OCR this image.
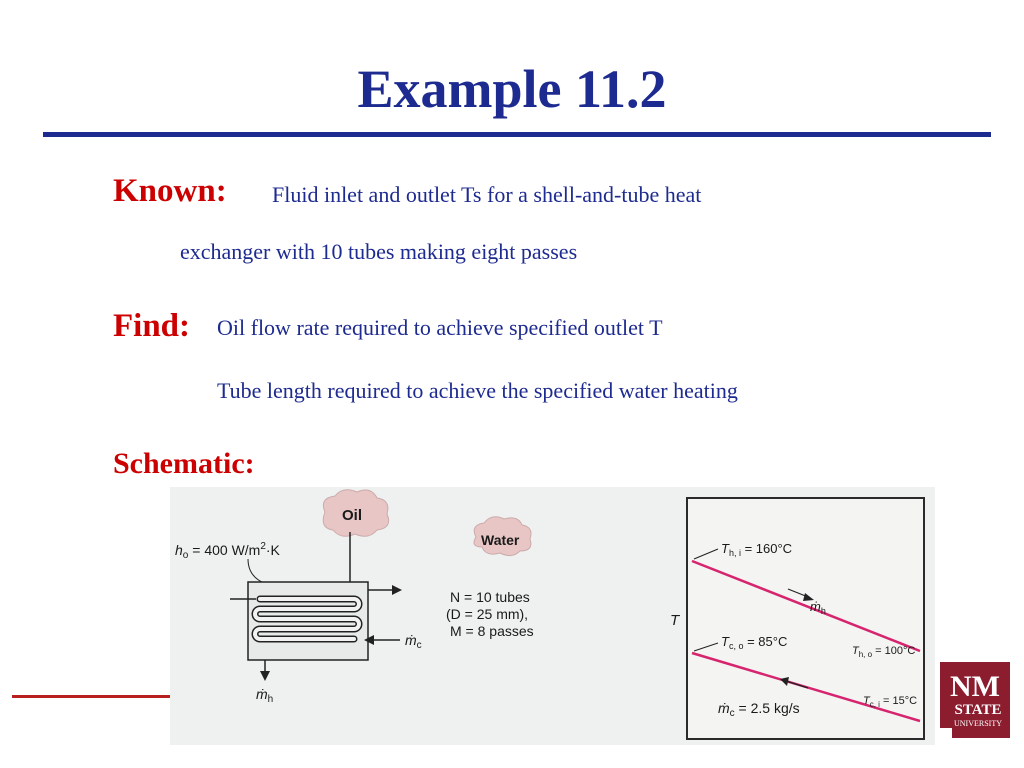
Example 11.2
Known: Fluid inlet and outlet Ts for a shell-and-tube heat
exchanger with 10 tubes making eight passes
Find: Oil flow rate required to achieve specified outlet T
Tube length required to achieve the specified water heating
Schematic:
Oil
Water
$h_o = 400$ $W/m^2\cdot K$
ṁ$_c$
ṁ$_h$
N = 10 tubes
(D = 25 mm),
M = 8 passes
T
$T_{h, i} = 160^\circ C$
ṁ$_h$
$T_{h, o} = 100^\circ C$
$T_{c, o} = 85^\circ C$
$T_{c, i} = 15^\circ C$
ṁ$_c$ = 2.5 kg/s
NM
STATE
UNIVERSITY
